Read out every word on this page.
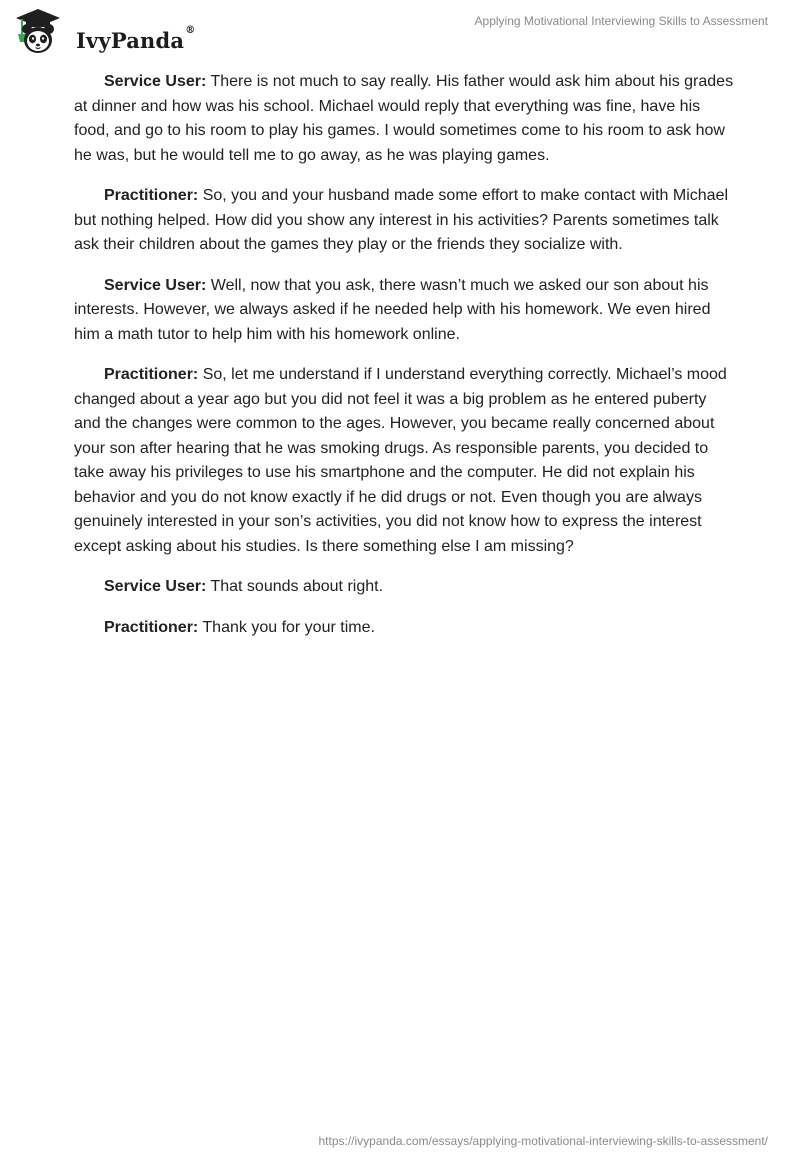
IvyPanda®
Applying Motivational Interviewing Skills to Assessment

Service User: There is not much to say really. His father would ask him about his grades at dinner and how was his school. Michael would reply that everything was fine, have his food, and go to his room to play his games. I would sometimes come to his room to ask how he was, but he would tell me to go away, as he was playing games.

Practitioner: So, you and your husband made some effort to make contact with Michael but nothing helped. How did you show any interest in his activities? Parents sometimes talk ask their children about the games they play or the friends they socialize with.

Service User: Well, now that you ask, there wasn’t much we asked our son about his interests. However, we always asked if he needed help with his homework. We even hired him a math tutor to help him with his homework online.

Practitioner: So, let me understand if I understand everything correctly. Michael’s mood changed about a year ago but you did not feel it was a big problem as he entered puberty and the changes were common to the ages. However, you became really concerned about your son after hearing that he was smoking drugs. As responsible parents, you decided to take away his privileges to use his smartphone and the computer. He did not explain his behavior and you do not know exactly if he did drugs or not. Even though you are always genuinely interested in your son’s activities, you did not know how to express the interest except asking about his studies. Is there something else I am missing?

Service User: That sounds about right.

Practitioner: Thank you for your time.

https://ivypanda.com/essays/applying-motivational-interviewing-skills-to-assessment/
